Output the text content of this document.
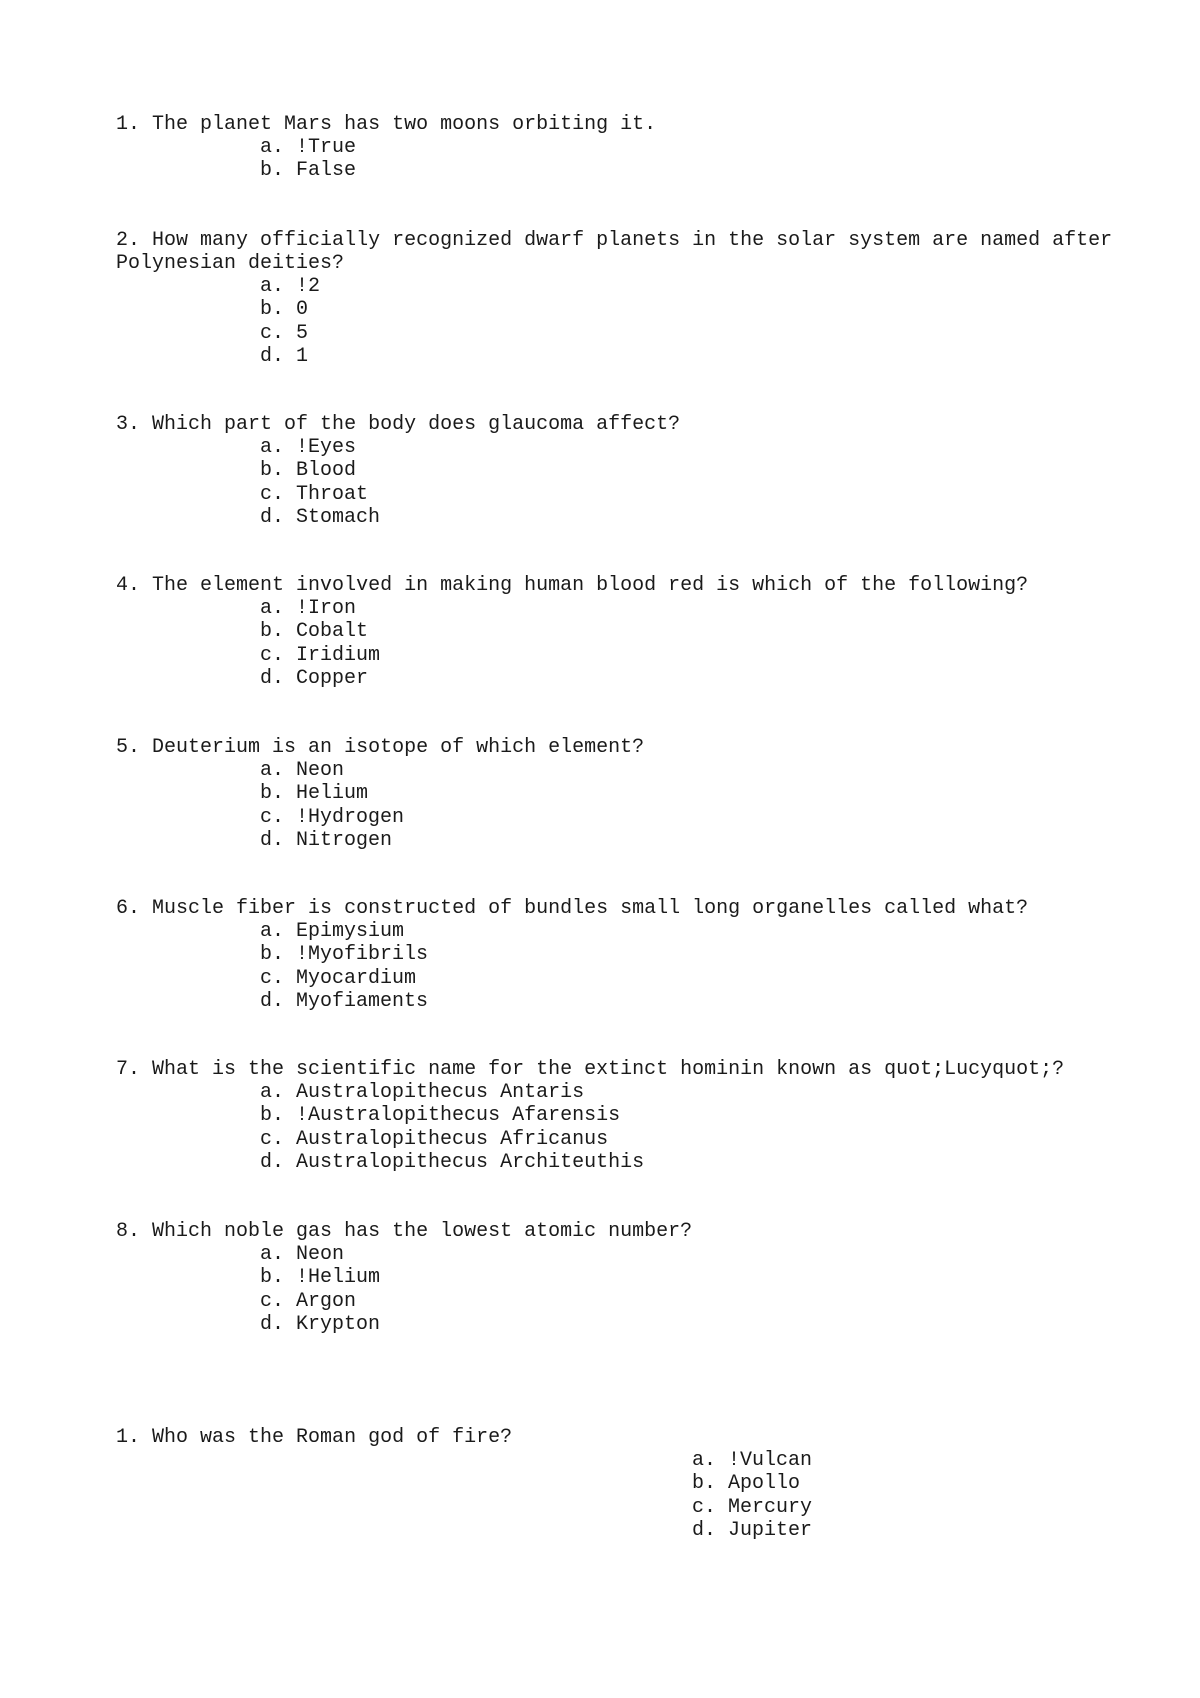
1. The planet Mars has two moons orbiting it.

a. !True
b. False

2. How many officially recognized dwarf planets in the solar system are named after Polynesian deities?

a. !2
b. 0
c. 5
d. 1

3. Which part of the body does glaucoma affect?

a. !Eyes
b. Blood
c. Throat
d. Stomach

4. The element involved in making human blood red is which of the following?

a. !Iron
b. Cobalt
c. Iridium
d. Copper

5. Deuterium is an isotope of which element?

a. Neon
b. Helium
c. !Hydrogen
d. Nitrogen

6. Muscle fiber is constructed of bundles small long organelles called what?

a. Epimysium
b. !Myofibrils
c. Myocardium
d. Myofiaments

7. What is the scientific name for the extinct hominin known as quot;Lucyquot;?

a. Australopithecus Antaris
b. !Australopithecus Afarensis
c. Australopithecus Africanus
d. Australopithecus Architeuthis

8. Which noble gas has the lowest atomic number?

a. Neon
b. !Helium
c. Argon
d. Krypton

1. Who was the Roman god of fire?

a. !Vulcan
b. Apollo
c. Mercury
d. Jupiter
